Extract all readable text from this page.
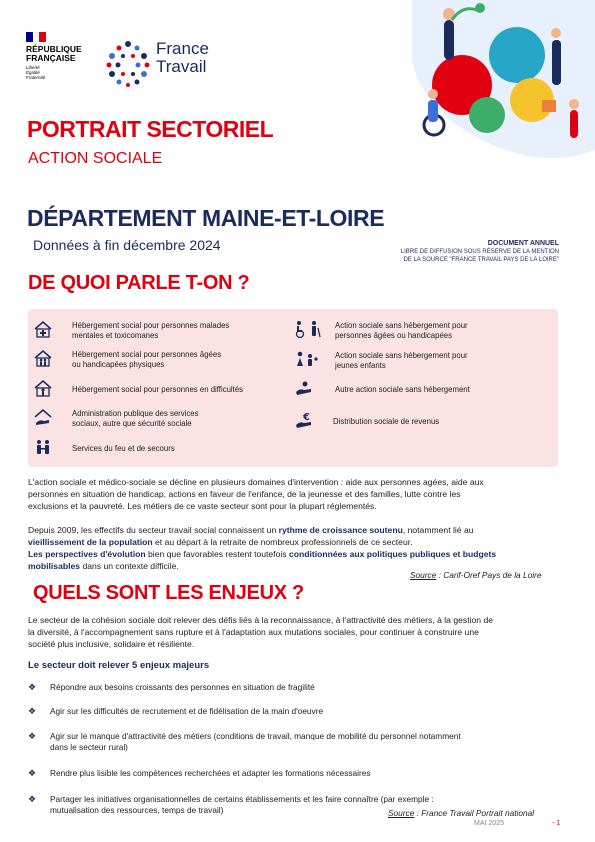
RÉPUBLIQUE
FRANÇAISE
Liberté
Égalité
Fraternité
France
Travail
PORTRAIT SECTORIEL
ACTION SOCIALE
DÉPARTEMENT MAINE-ET-LOIRE
Données à fin décembre 2024	DOCUMENT ANNUEL
LIBRE DE DIFFUSION SOUS RÉSERVE DE LA MENTION
DE LA SOURCE "FRANCE TRAVAIL PAYS DE LA LOIRE"
DE QUOI PARLE T-ON ?
Hébergement social pour personnes malades
mentales et toxicomanes
Hébergement social pour personnes âgées
ou handicapées physiques
Hébergement social pour personnes en difficultés
Administration publique des services
sociaux, autre que sécurité sociale
Services du feu et de secours
Action sociale sans hébergement pour
personnes âgées ou handicapées
Action sociale sans hébergement pour
jeunes enfants
Autre action sociale sans hébergement
€	Distribution sociale de revenus
L'action sociale et médico-sociale se décline en plusieurs domaines d'intervention : aide aux personnes agées, aide aux
personnes en situation de handicap, actions en faveur de l'enfance, de la jeunesse et des familles, lutte contre les
exclusions et la pauvreté. Les métiers de ce vaste secteur sont pour la plupart réglementés.
Depuis 2009, les effectifs du secteur travail social connaissent un rythme de croissance soutenu, notamment lié au
vieillissement de la population et au départ à la retraite de nombreux professionnels de ce secteur.
Les perspectives d'évolution bien que favorables restent toutefois conditionnées aux politiques publiques et budgets
mobilisables dans un contexte difficile.
Source : Carif-Oref Pays de la Loire
QUELS SONT LES ENJEUX ?
Le secteur de la cohésion sociale doit relever des défis liés à la reconnaissance, à l'attractivité des métiers, à la gestion de
la diversité, à l'accompagnement sans rupture et à l'adaptation aux mutations sociales, pour continuer à construire une
société plus inclusive, solidaire et résiliente.
Le secteur doit relever 5 enjeux majeurs
❖ Répondre aux besoins croissants des personnes en situation de fragilité
❖ Agir sur les difficultés de recrutement et de fidélisation de la main d'oeuvre
❖ Agir sur le manque d'attractivité des métiers (conditions de travail, manque de mobilité du personnel notamment
dans le secteur rural)
❖ Rendre plus lisible les compétences recherchées et adapter les formations nécessaires
❖ Partager les initiatives organisationnelles de certains établissements et les faire connaître (par exemple :
mutualisation des ressources, temps de travail)	Source : France Travail Portrait national
MAI 2025	- 1
